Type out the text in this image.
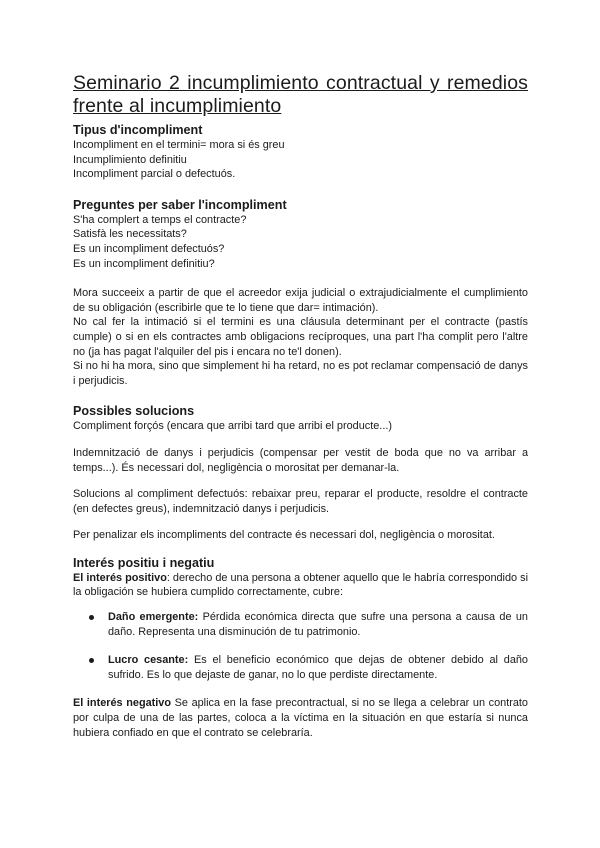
Seminario 2 incumplimiento contractual y remedios frente al incumplimiento
Tipus d'incompliment

Incompliment en el termini= mora si és greu

Incumplimiento definitiu

Incompliment parcial o defectuós.

Preguntes per saber l'incompliment

S'ha complert a temps el contracte?

Satisfà les necessitats?

Es un incompliment defectuós?

Es un incompliment definitiu?

Mora succeeix a partir de que el acreedor exija judicial o extrajudicialmente el cumplimiento de su obligación (escribirle que te lo tiene que dar= intimación).

No cal fer la intimació si el termini es una cláusula determinant per el contracte (pastís cumple) o si en els contractes amb obligacions recíproques, una part l'ha complit pero l'altre no (ja has pagat l'alquiler del pis i encara no te'l donen).

Si no hi ha mora, sino que simplement hi ha retard, no es pot reclamar compensació de danys i perjudicis.

Possibles solucions

Compliment forçós (encara que arribi tard que arribi el producte...)

Indemnització de danys i perjudicis (compensar per vestit de boda que no va arribar a temps...). És necessari dol, negligència o morositat per demanar-la.

Solucions al compliment defectuós: rebaixar preu, reparar el producte, resoldre el contracte (en defectes greus), indemnització danys i perjudicis.

Per penalizar els incompliments del contracte és necessari dol, negligència o morositat.

Interés positiu i negatiu

El interés positivo: derecho de una persona a obtener aquello que le habría correspondido si la obligación se hubiera cumplido correctamente, cubre:

Daño emergente: Pérdida económica directa que sufre una persona a causa de un daño. Representa una disminución de tu patrimonio.
Lucro cesante: Es el beneficio económico que dejas de obtener debido al daño sufrido. Es lo que dejaste de ganar, no lo que perdiste directamente.

El interés negativo Se aplica en la fase precontractual, si no se llega a celebrar un contrato por culpa de una de las partes, coloca a la víctima en la situación en que estaría si nunca hubiera confiado en que el contrato se celebraría.
